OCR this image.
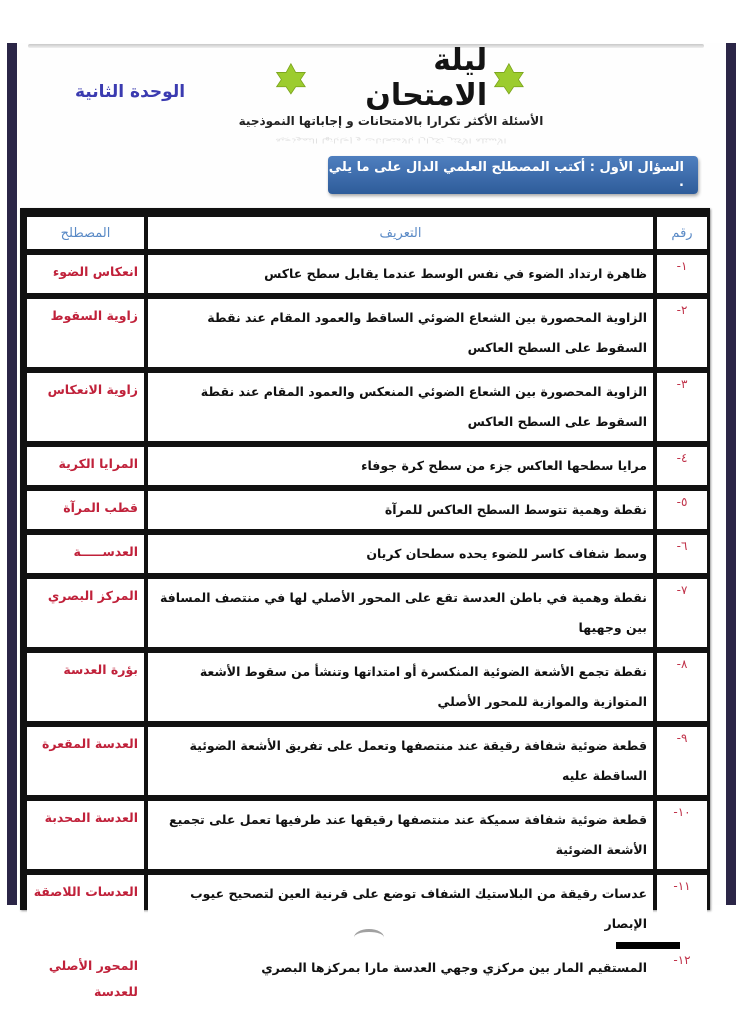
الوحدة الثانية
ليلة الامتحان
الأسئلة الأكثر تكرارا بالامتحانات و إجاباتها النموذجية
الأسئلة الأكثر تكرارا بالامتحانات و إجاباتها النموذجية
السؤال الأول : أكتب المصطلح العلمي الدال على ما يلي .
رقم	التعريف	المصطلح
١-	ظاهرة ارتداد الضوء في نفس الوسط عندما يقابل سطح عاكس	انعكاس الضوء
٢-	الزاوية المحصورة بين الشعاع الضوئي الساقط والعمود المقام عند نقطة السقوط على السطح العاكس	زاوية السقوط
٣-	الزاوية المحصورة بين الشعاع الضوئي المنعكس والعمود المقام عند نقطة السقوط على السطح العاكس	زاوية الانعكاس
٤-	مرايا سطحها العاكس جزء من سطح كرة جوفاء	المرايا الكرية
٥-	نقطة وهمية تتوسط السطح العاكس للمرآة	قطب المرآة
٦-	وسط شفاف كاسر للضوء يحده سطحان كريان	العدســـــة
٧-	نقطة وهمية في باطن العدسة تقع على المحور الأصلي لها في منتصف المسافة بين وجهيها	المركز البصري
٨-	نقطة تجمع الأشعة الضوئية المنكسرة أو امتداتها وتنشأ من سقوط الأشعة المتوازية والموازية للمحور الأصلي	بؤرة العدسة
٩-	قطعة ضوئية شفافة رقيقة عند منتصفها وتعمل على تفريق الأشعة الضوئية الساقطة عليه	العدسة المقعرة
١٠-	قطعة ضوئية شفافة سميكة عند منتصفها رقيقها عند طرفيها تعمل على تجميع الأشعة الضوئية	العدسة المحدبة
١١-	عدسات رقيقة من البلاستيك الشفاف توضع على قرنية العين لتصحيح عيوب الإبصار	العدسات اللاصقة
١٢-	المستقيم المار بين مركزي وجهي العدسة مارا بمركزها البصري	المحور الأصلي للعدسة
